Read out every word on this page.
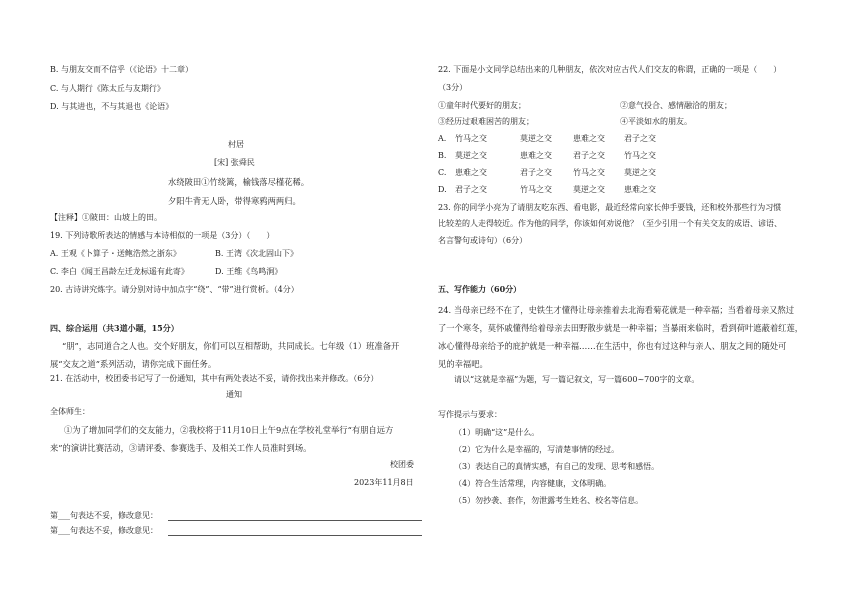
B. 与朋友交而不信乎（《论语》十二章）
C. 与人期行《陈太丘与友期行》
D. 与其进也，不与其退也《论语》
村居
[宋] 张舜民
水绕陂田①竹绕篱，榆钱落尽槿花稀。
夕阳牛背无人卧，带得寒鸦两两归。
【注释】①陂田：山坡上的田。
19. 下列诗歌所表达的情感与本诗相似的一项是（3分）（　　）
A. 王观《卜算子・送鲍浩然之浙东》	B. 王湾《次北固山下》
C. 李白《闻王昌龄左迁龙标遥有此寄》	D. 王维《鸟鸣涧》
20. 古诗讲究炼字。请分别对诗中加点字“绕”、“带”进行赏析。（4分）
四、综合运用（共3道小题，15分）
“朋”，志同道合之人也。交个好朋友，你们可以互相帮助，共同成长。七年级（1）班准备开
展“交友之道”系列活动，请你完成下面任务。
21. 在活动中，校团委书记写了一份通知，其中有两处表达不妥，请你找出来并修改。（6分）
通知
全体师生：
①为了增加同学们的交友能力，②我校将于11月10日上午9点在学校礼堂举行“有朋自远方
来”的演讲比赛活动，③请评委、参赛选手、及相关工作人员准时到场。
校团委
2023年11月8日
第___句表达不妥，修改意见：
第___句表达不妥，修改意见：
22. 下面是小文同学总结出来的几种朋友，依次对应古代人们交友的称谓，正确的一项是（　　）
（3分）
①童年时代要好的朋友；	②意气投合、感情融洽的朋友；
③经历过艰难困苦的朋友；	④平淡如水的朋友。
A. 竹马之交	莫逆之交	患难之交 君子之交
B. 莫逆之交	患难之交	君子之交 竹马之交
C. 患难之交	君子之交	竹马之交 莫逆之交
D. 君子之交	竹马之交	莫逆之交 患难之交
23. 你的同学小亮为了请朋友吃东西、看电影，最近经常向家长伸手要钱，还和校外那些行为习惯
比较差的人走得较近。作为他的同学，你该如何劝说他？（至少引用一个有关交友的成语、谚语、
名言警句或诗句）（6分）
五、写作能力（60分）
24. 当母亲已经不在了，史铁生才懂得让母亲推着去北海看菊花就是一种幸福；当看着母亲又熬过
了一个寒冬，莫怀戚懂得给着母亲去田野散步就是一种幸福；当暴雨来临时，看到荷叶遮蔽着红莲，
冰心懂得母亲给予的庇护就是一种幸福……在生活中，你也有过这种与亲人、朋友之间的随处可
见的幸福吧。
请以“这就是幸福”为题，写一篇记叙文，写一篇600~700字的文章。
写作提示与要求：
（1）明确“这”是什么。
（2）它为什么是幸福的，写清楚事情的经过。
（3）表达自己的真情实感，有自己的发现、思考和感悟。
（4）符合生活常理，内容健康，文体明确。
（5）勿抄袭、套作，勿泄露考生姓名、校名等信息。
